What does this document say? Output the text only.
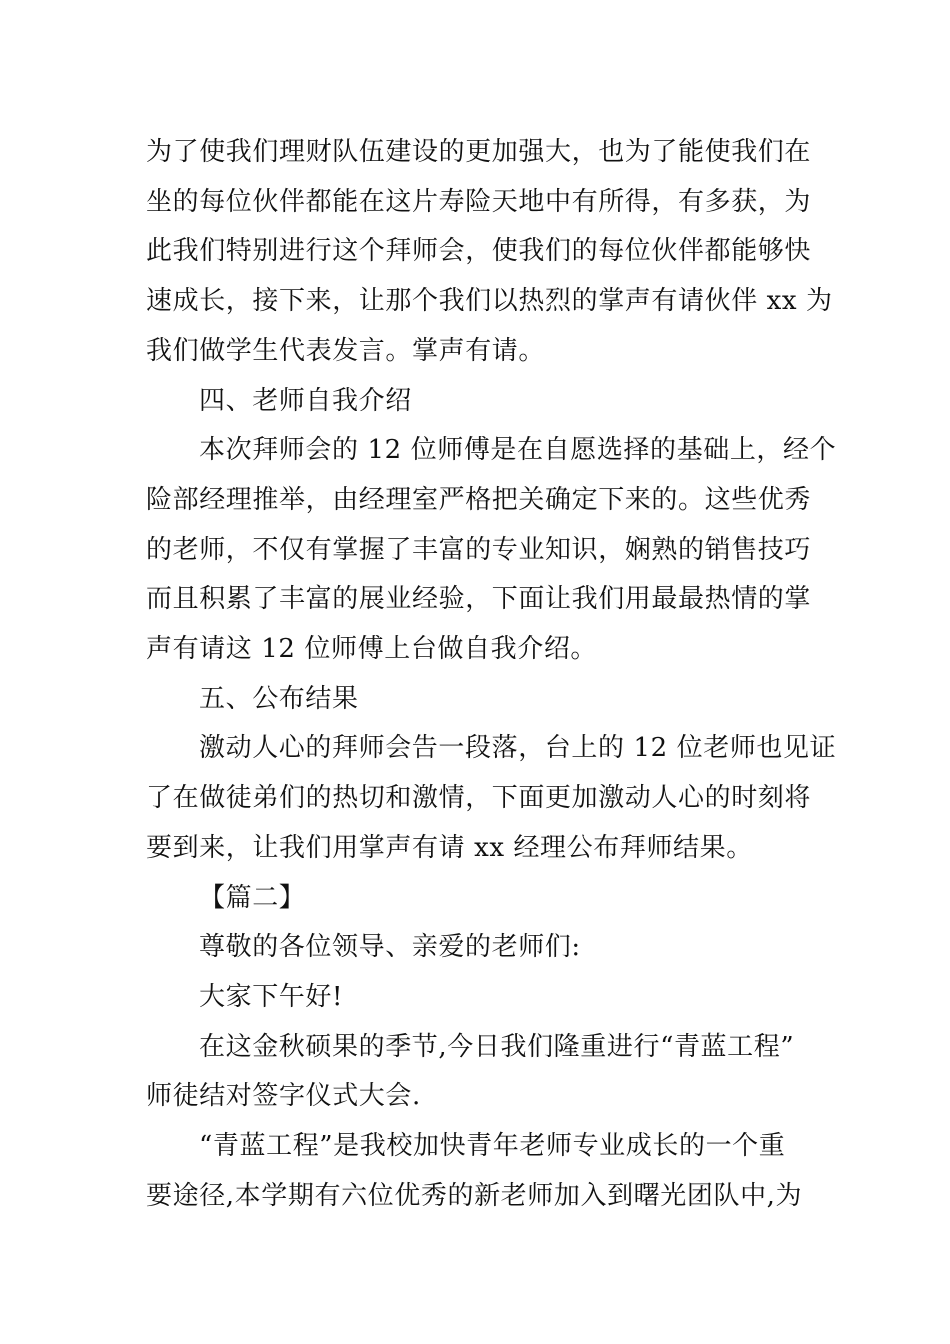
为了使我们理财队伍建设的更加强大，也为了能使我们在
坐的每位伙伴都能在这片寿险天地中有所得，有多获，为
此我们特别进行这个拜师会，使我们的每位伙伴都能够快
速成长，接下来，让那个我们以热烈的掌声有请伙伴 xx 为
我们做学生代表发言。掌声有请。

四、老师自我介绍

本次拜师会的 12 位师傅是在自愿选择的基础上，经个
险部经理推举，由经理室严格把关确定下来的。这些优秀
的老师，不仅有掌握了丰富的专业知识，娴熟的销售技巧
而且积累了丰富的展业经验，下面让我们用最最热情的掌
声有请这 12 位师傅上台做自我介绍。

五、公布结果

激动人心的拜师会告一段落，台上的 12 位老师也见证
了在做徒弟们的热切和激情，下面更加激动人心的时刻将
要到来，让我们用掌声有请 xx 经理公布拜师结果。

【篇二】

尊敬的各位领导、亲爱的老师们:

大家下午好!

在这金秋硕果的季节,今日我们隆重进行“青蓝工程”
师徒结对签字仪式大会.

“青蓝工程”是我校加快青年老师专业成长的一个重
要途径,本学期有六位优秀的新老师加入到曙光团队中,为
